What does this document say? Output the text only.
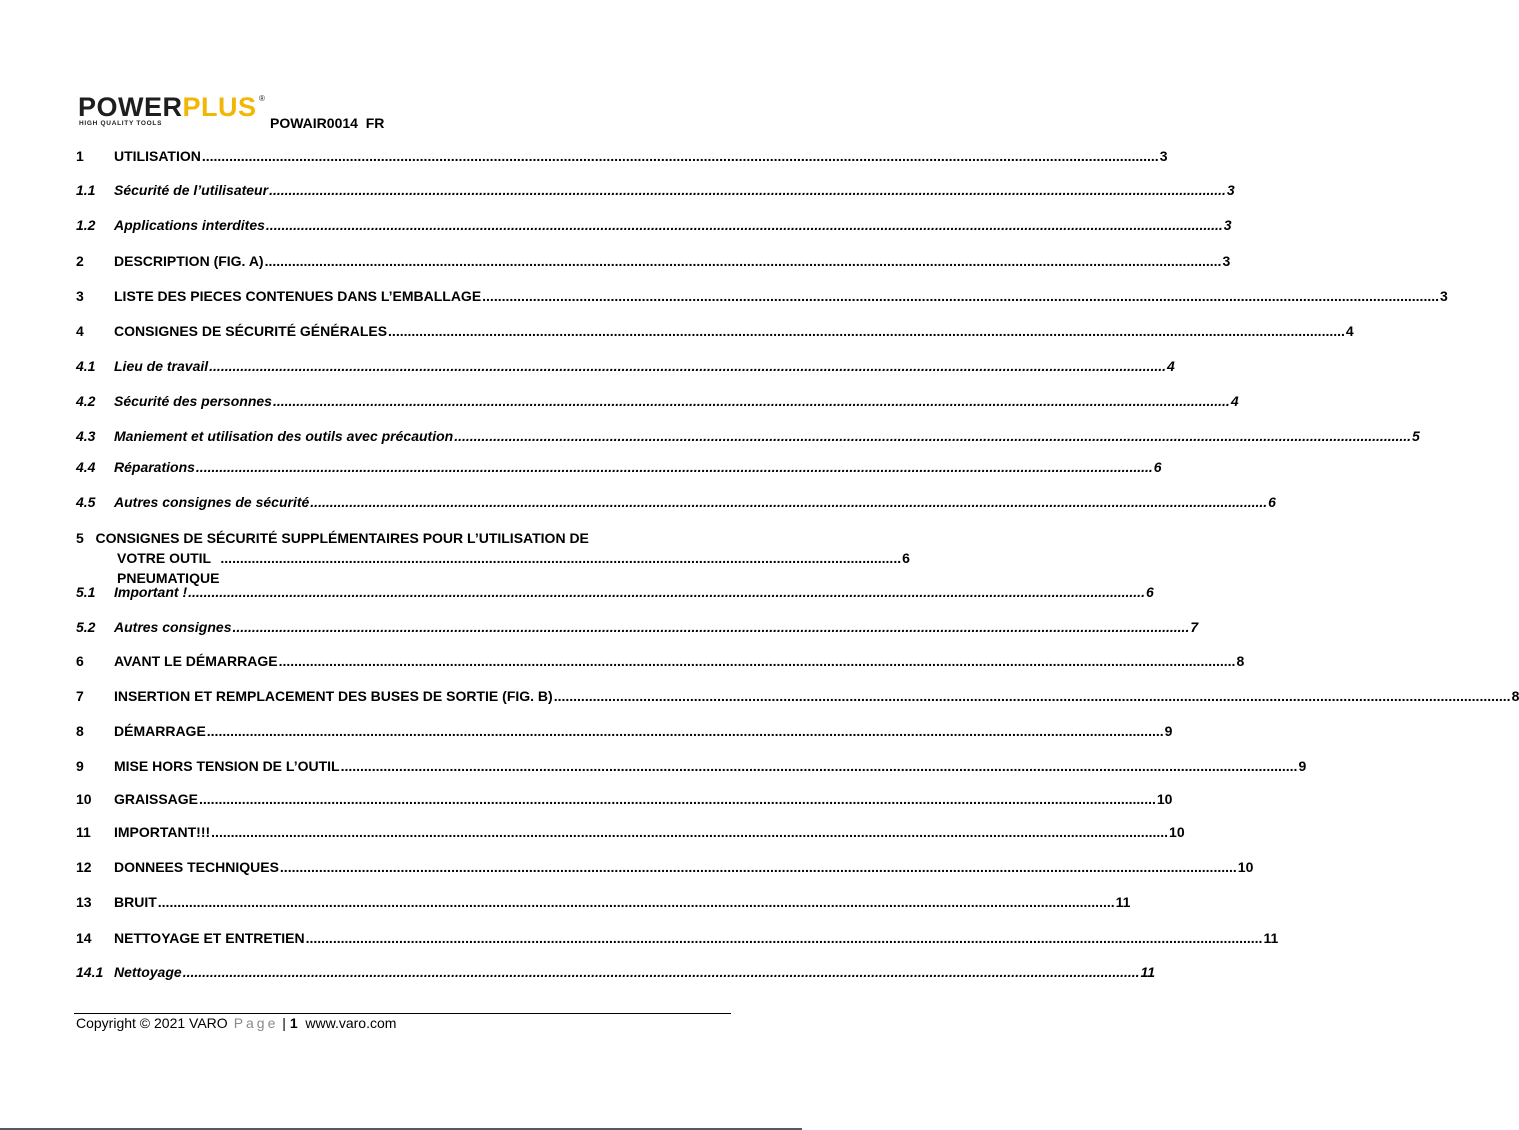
POWERPLUS ®
HIGH QUALITY TOOLS	POWAIR0014  FR
1 UTILISATION .....	3
1.1 Sécurité de l’utilisateur .....	3
1.2 Applications interdites .....	3
2 DESCRIPTION (FIG. A) .....	3
3 LISTE DES PIECES CONTENUES DANS L’EMBALLAGE .....	3
4 CONSIGNES DE SÉCURITÉ GÉNÉRALES .....	4
4.1 Lieu de travail .....	4
4.2 Sécurité des personnes .....	4
4.3 Maniement et utilisation des outils avec précaution .....	5
4.4 Réparations .....	6
4.5 Autres consignes de sécurité .....	6
5 CONSIGNES DE SÉCURITÉ SUPPLÉMENTAIRES POUR L’UTILISATION DE
VOTRE OUTIL PNEUMATIQUE
............................................................................................................................................................................... 6
5.1 Important ! .....	6
5.2 Autres consignes .....	7
6 AVANT LE DÉMARRAGE .....	8
7 INSERTION ET REMPLACEMENT DES BUSES DE SORTIE (FIG. B) .....	8
8 DÉMARRAGE .....	9
9 MISE HORS TENSION DE L’OUTIL .....	9
10 GRAISSAGE .....	10
11 IMPORTANT!!! .....	10
12 DONNEES TECHNIQUES .....	10
13 BRUIT .....	11
14 NETTOYAGE ET ENTRETIEN .....	11
14.1 Nettoyage .....	11
Copyright © 2021 VARO Page | 1 www.varo.com
